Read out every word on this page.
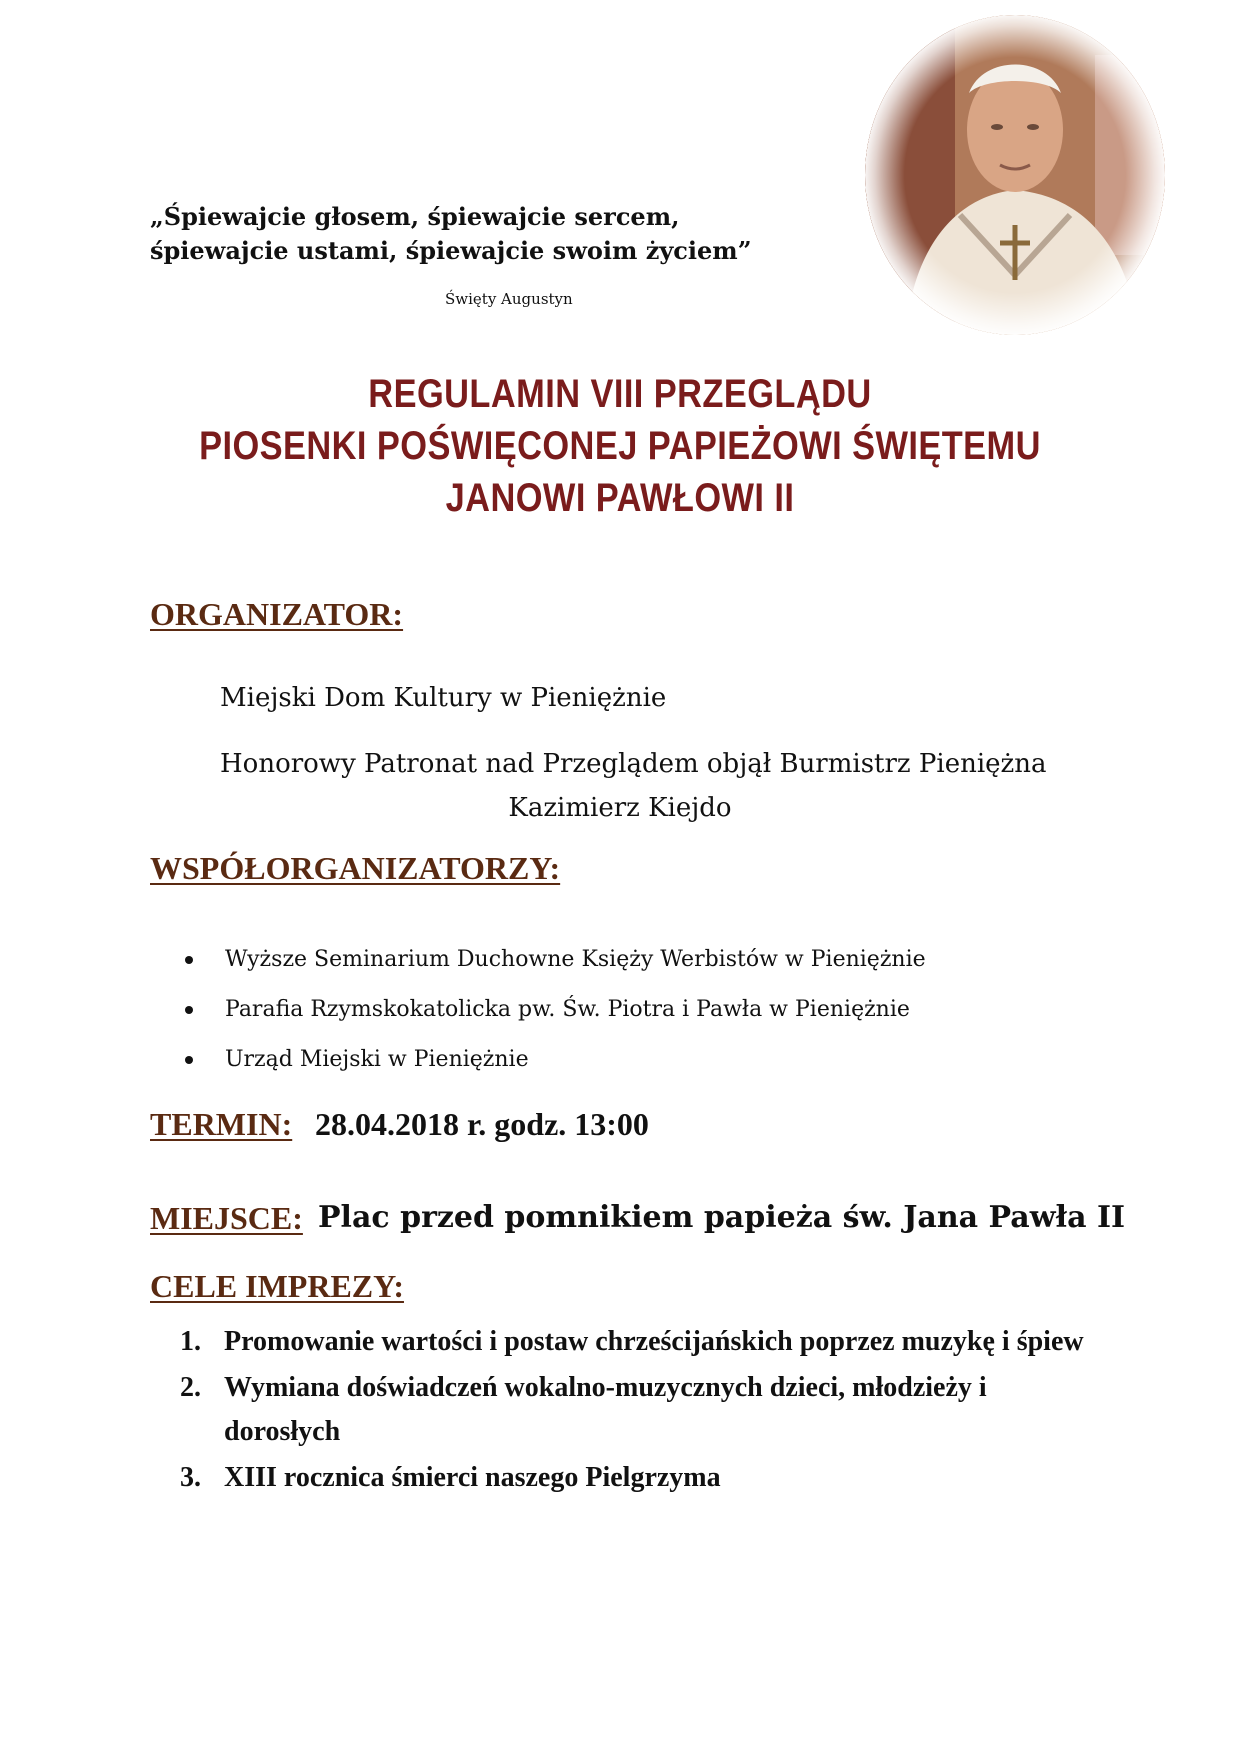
„Śpiewajcie głosem, śpiewajcie sercem, śpiewajcie ustami, śpiewajcie swoim życiem”
Święty Augustyn
REGULAMIN VIII PRZEGLĄDU
PIOSENKI POŚWIĘCONEJ PAPIEŻOWI ŚWIĘTEMU
JANOWI PAWŁOWI II
ORGANIZATOR:
Miejski Dom Kultury w Pieniężnie
Honorowy Patronat nad Przeglądem objął Burmistrz Pieniężna
Kazimierz Kiejdo
WSPÓŁORGANIZATORZY:
Wyższe Seminarium Duchowne Księży Werbistów w Pieniężnie
Parafia Rzymskokatolicka pw. Św. Piotra i Pawła w Pieniężnie
Urząd Miejski w Pieniężnie
TERMIN: 28.04.2018 r. godz. 13:00
MIEJSCE: Plac przed pomnikiem papieża św. Jana Pawła II
CELE IMPREZY:
1. Promowanie wartości i postaw chrześcijańskich poprzez muzykę i śpiew
2. Wymiana doświadczeń wokalno-muzycznych dzieci, młodzieży i dorosłych
3. XIII rocznica śmierci naszego Pielgrzyma
